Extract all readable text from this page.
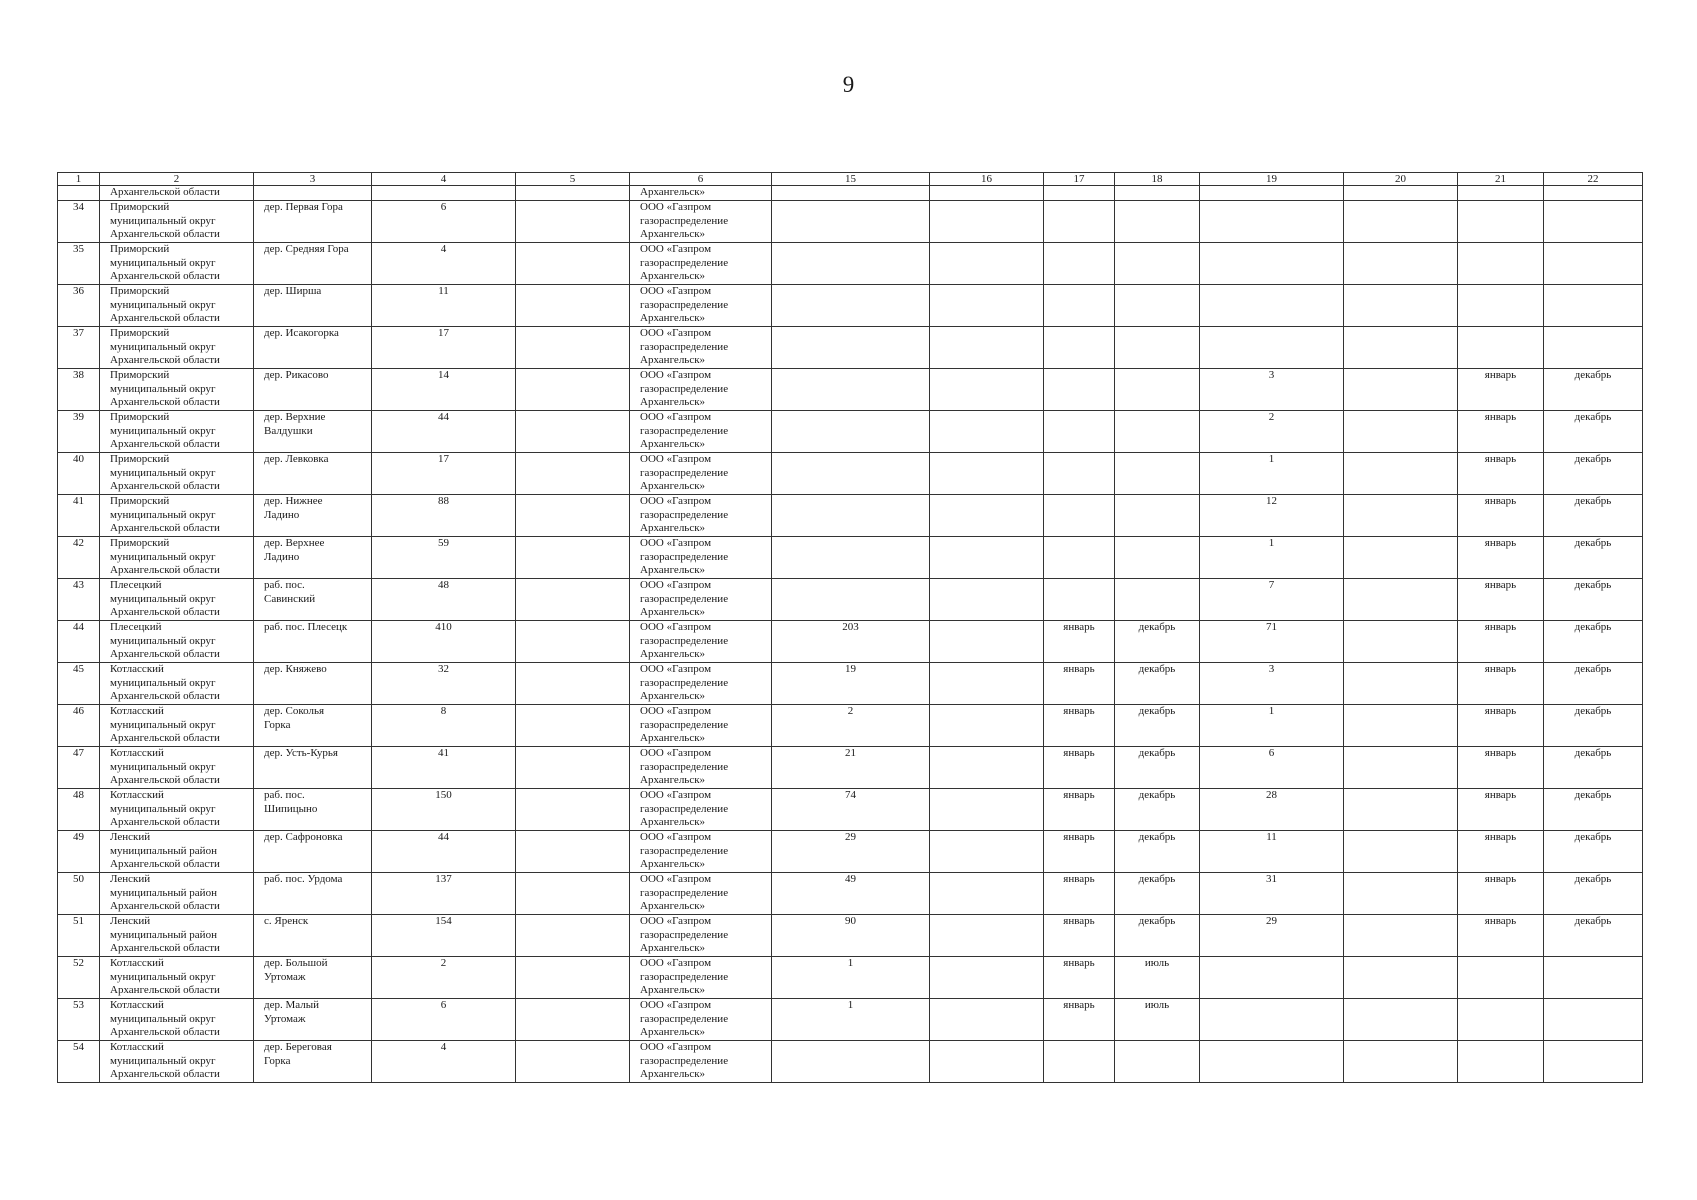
9
1	2	3	4	5	6	15	16	17	18	19	20	21	22

	Архангельской области				Архангельск»								

34	Приморский
муниципальный округ
Архангельской области	дер. Первая Гора	6		ООО «Газпром
газораспределение
Архангельск»								

35	Приморский
муниципальный округ
Архангельской области	дер. Средняя Гора	4		ООО «Газпром
газораспределение
Архангельск»								

36	Приморский
муниципальный округ
Архангельской области	дер. Ширша	11		ООО «Газпром
газораспределение
Архангельск»								

37	Приморский
муниципальный округ
Архангельской области	дер. Исакогорка	17		ООО «Газпром
газораспределение
Архангельск»								

38	Приморский
муниципальный округ
Архангельской области	дер. Рикасово	14		ООО «Газпром
газораспределение
Архангельск»					3		январь	декабрь
39	Приморский
муниципальный округ
Архангельской области	дер. Верхние
Валдушки	44		ООО «Газпром
газораспределение
Архангельск»					2		январь	декабрь
40	Приморский
муниципальный округ
Архангельской области	дер. Левковка	17		ООО «Газпром
газораспределение
Архангельск»					1		январь	декабрь
41	Приморский
муниципальный округ
Архангельской области	дер. Нижнее
Ладино	88		ООО «Газпром
газораспределение
Архангельск»					12		январь	декабрь
42	Приморский
муниципальный округ
Архангельской области	дер. Верхнее
Ладино	59		ООО «Газпром
газораспределение
Архангельск»					1		январь	декабрь
43	Плесецкий
муниципальный округ
Архангельской области	раб. пос.
Савинский	48		ООО «Газпром
газораспределение
Архангельск»					7		январь	декабрь
44	Плесецкий
муниципальный округ
Архангельской области	раб. пос. Плесецк	410		ООО «Газпром
газораспределение
Архангельск»	203		январь	декабрь	71		январь	декабрь
45	Котласский
муниципальный округ
Архангельской области	дер. Княжево	32		ООО «Газпром
газораспределение
Архангельск»	19		январь	декабрь	3		январь	декабрь
46	Котласский
муниципальный округ
Архангельской области	дер. Соколья
Горка	8		ООО «Газпром
газораспределение
Архангельск»	2		январь	декабрь	1		январь	декабрь
47	Котласский
муниципальный округ
Архангельской области	дер. Усть-Курья	41		ООО «Газпром
газораспределение
Архангельск»	21		январь	декабрь	6		январь	декабрь
48	Котласский
муниципальный округ
Архангельской области	раб. пос.
Шипицыно	150		ООО «Газпром
газораспределение
Архангельск»	74		январь	декабрь	28		январь	декабрь
49	Ленский
муниципальный район
Архангельской области	дер. Сафроновка	44		ООО «Газпром
газораспределение
Архангельск»	29		январь	декабрь	11		январь	декабрь
50	Ленский
муниципальный район
Архангельской области	раб. пос. Урдома	137		ООО «Газпром
газораспределение
Архангельск»	49		январь	декабрь	31		январь	декабрь
51	Ленский
муниципальный район
Архангельской области	с. Яренск	154		ООО «Газпром
газораспределение
Архангельск»	90		январь	декабрь	29		январь	декабрь
52	Котласский
муниципальный округ
Архангельской области	дер. Большой
Уртомаж	2		ООО «Газпром
газораспределение
Архангельск»	1		январь	июль				
53	Котласский
муниципальный округ
Архангельской области	дер. Малый
Уртомаж	6		ООО «Газпром
газораспределение
Архангельск»	1		январь	июль				
54	Котласский
муниципальный округ
Архангельской области	дер. Береговая
Горка	4		ООО «Газпром
газораспределение
Архангельск»								
